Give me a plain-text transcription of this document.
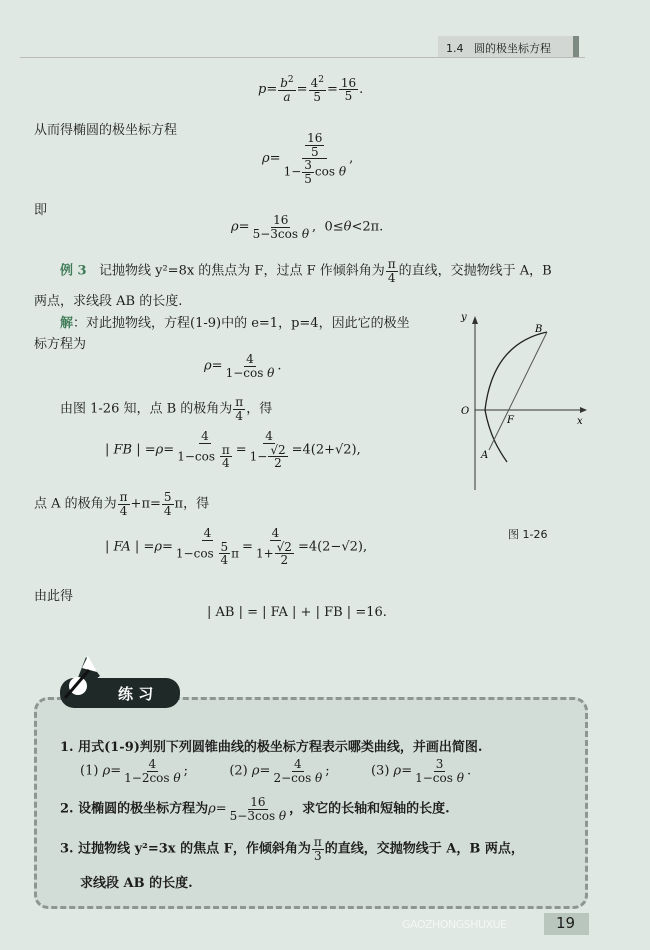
1.4 圆的极坐标方程
$p= \frac{b^2}{a} = \frac{4^2}{5} = \frac{16}{5}$ .
从而得椭圆的极坐标方程
$\rho= \frac{\frac{16}{5}}{1- \frac{3}{5} \cos \theta}$ ,
即
$\rho= \frac{16}{\text{5−3cos θ}}$ ,  0≤θ<2π.
例 3 记抛物线 y²=8x 的焦点为 F，过点 F 作倾斜角为 $\frac{\pi}{4}$ 的直线，交抛物线于 A，B
两点，求线段 AB 的长度.
解：对此抛物线，方程(1-9)中的 e=1，p=4，因此它的极坐
标方程为
$\rho= \frac{4}{\text{1−cos θ}}$ .
由图 1-26 知，点 B 的极角为 $\frac{\pi}{4}$ ，得
| FB | $=\rho= \frac{4}{1-\cos \frac{\pi}{4}} = \frac{4}{1- \frac{√2}{2}} =4(2+√2)$,
点 A 的极角为 $\frac{\pi}{4} +\pi= \frac{5}{4}$ π，得
| FA | $=\rho= \frac{4}{1-\cos \frac{5}{4} \pi} = \frac{4}{1+ \frac{√2}{2}} =4(2-√2)$,
由此得
| AB | = | FA | + | FB | =16.
y
x
O
B
F
A
图 1-26
练 习
1. 用式(1-9)判别下列圆锥曲线的极坐标方程表示哪类曲线，并画出简图.
(1) $\rho= \frac{4}{\text{1−2cos θ}}$ ;          (2) $\rho= \frac{4}{\text{2−cos θ}}$ ;          (3) $\rho= \frac{3}{\text{1−cos θ}}$ .
2. 设椭圆的极坐标方程为$\rho= \frac{16}{\text{5−3cos θ}}$ ，求它的长轴和短轴的长度.
3. 过抛物线 y²=3x 的焦点 F，作倾斜角为 $\frac{\pi}{3}$ 的直线，交抛物线于 A，B 两点，
求线段 AB 的长度.
GAOZHONGSHUXUE	19
